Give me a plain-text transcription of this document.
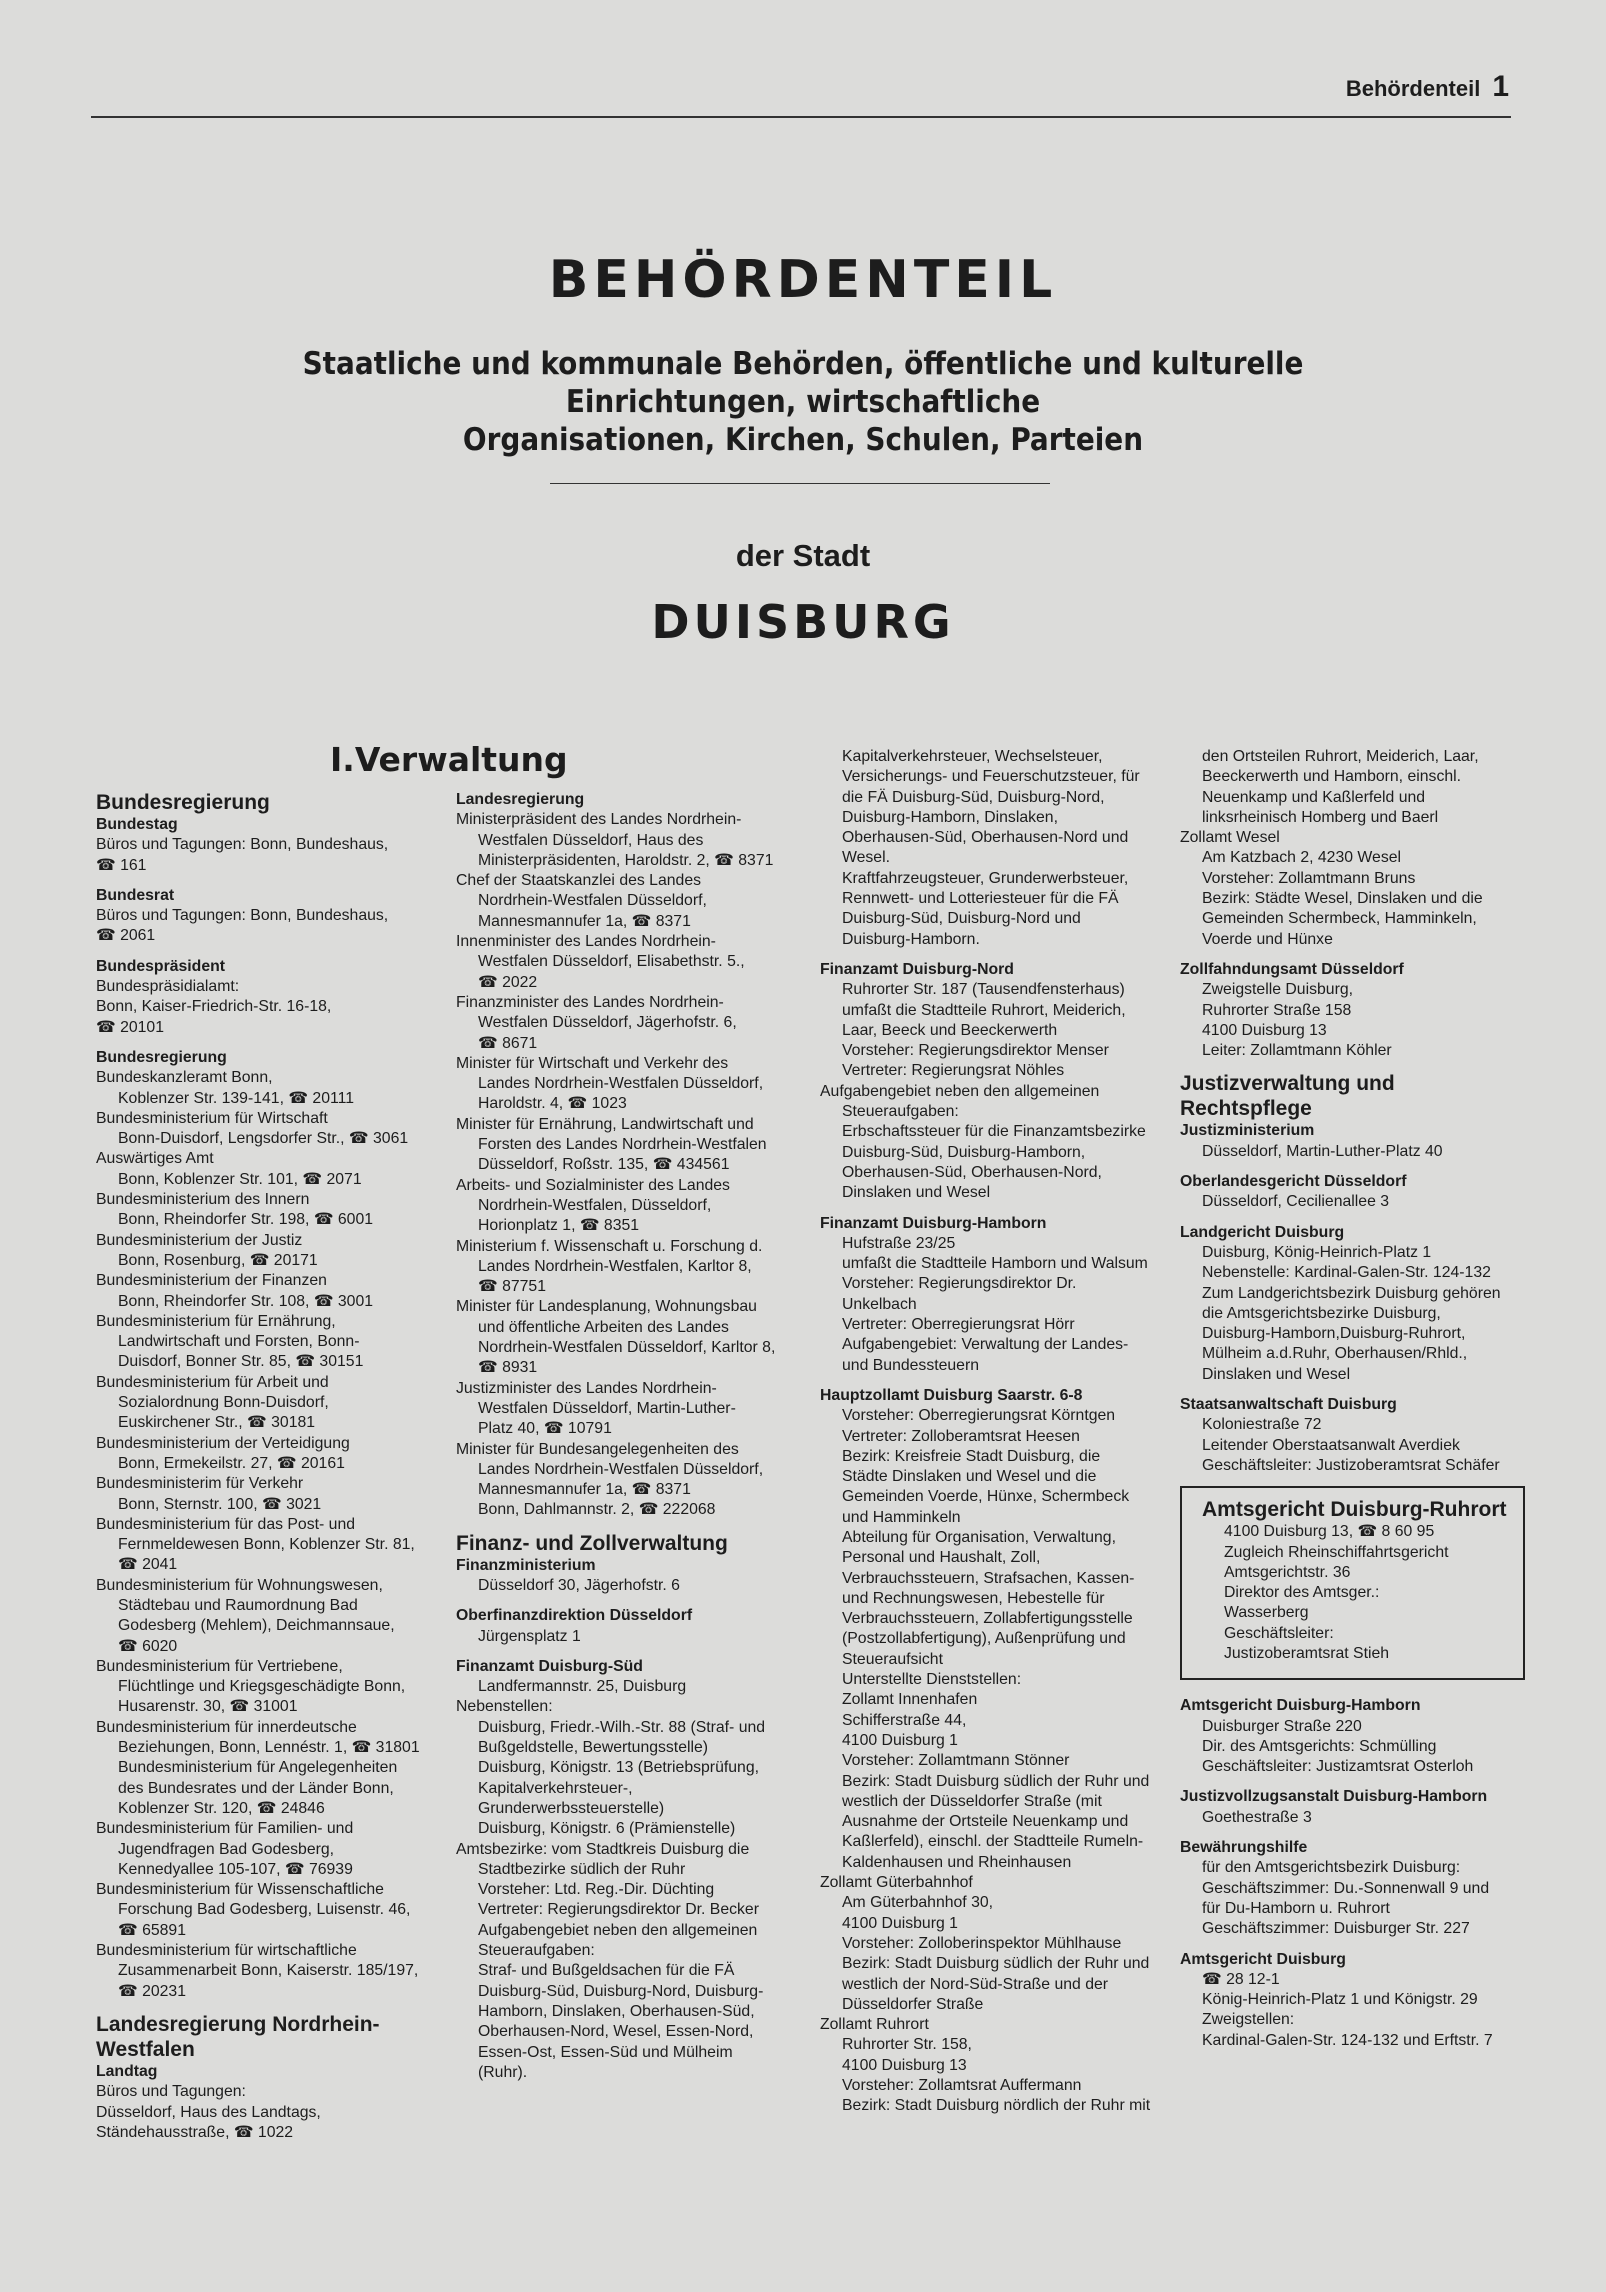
Behördenteil 1
BEHÖRDENTEIL
Staatliche und kommunale Behörden, öffentliche und kulturelle
Einrichtungen, wirtschaftliche
Organisationen, Kirchen, Schulen, Parteien
der Stadt
DUISBURG
I.Verwaltung
Bundesregierung
Bundestag
Büros und Tagungen: Bonn, Bundeshaus,
☎ 161
Bundesrat
Büros und Tagungen: Bonn, Bundeshaus,
☎ 2061
Bundespräsident
Bundespräsidialamt:
Bonn, Kaiser-Friedrich-Str. 16-18,
☎ 20101
Bundesregierung
Bundeskanzleramt Bonn,
Koblenzer Str. 139-141, ☎ 20111
Bundesministerium für Wirtschaft
Bonn-Duisdorf, Lengsdorfer Str., ☎ 3061
Auswärtiges Amt
Bonn, Koblenzer Str. 101, ☎ 2071
Bundesministerium des Innern
Bonn, Rheindorfer Str. 198, ☎ 6001
Bundesministerium der Justiz
Bonn, Rosenburg, ☎ 20171
Bundesministerium der Finanzen
Bonn, Rheindorfer Str. 108, ☎ 3001
Bundesministerium für Ernährung,
Landwirtschaft und Forsten, Bonn-
Duisdorf, Bonner Str. 85, ☎ 30151
Bundesministerium für Arbeit und
Sozialordnung Bonn-Duisdorf,
Euskirchener Str., ☎ 30181
Bundesministerium der Verteidigung
Bonn, Ermekeilstr. 27, ☎ 20161
Bundesministerim für Verkehr
Bonn, Sternstr. 100, ☎ 3021
Bundesministerium für das Post- und
Fernmeldewesen Bonn, Koblenzer Str. 81,
☎ 2041
Bundesministerium für Wohnungswesen,
Städtebau und Raumordnung Bad
Godesberg (Mehlem), Deichmannsaue,
☎ 6020
Bundesministerium für Vertriebene,
Flüchtlinge und Kriegsgeschädigte Bonn,
Husarenstr. 30, ☎ 31001
Bundesministerium für innerdeutsche
Beziehungen, Bonn, Lennéstr. 1, ☎ 31801
Bundesministerium für Angelegenheiten
des Bundesrates und der Länder Bonn,
Koblenzer Str. 120, ☎ 24846
Bundesministerium für Familien- und
Jugendfragen Bad Godesberg,
Kennedyallee 105-107, ☎ 76939
Bundesministerium für Wissenschaftliche
Forschung Bad Godesberg, Luisenstr. 46,
☎ 65891
Bundesministerium für wirtschaftliche
Zusammenarbeit Bonn, Kaiserstr. 185/197,
☎ 20231
Landesregierung Nordrhein-Westfalen
Landtag
Büros und Tagungen:
Düsseldorf, Haus des Landtags,
Ständehausstraße, ☎ 1022
Landesregierung
Ministerpräsident des Landes Nordrhein-
Westfalen Düsseldorf, Haus des
Ministerpräsidenten, Haroldstr. 2, ☎ 8371
Chef der Staatskanzlei des Landes
Nordrhein-Westfalen Düsseldorf,
Mannesmannufer 1a, ☎ 8371
Innenminister des Landes Nordrhein-
Westfalen Düsseldorf, Elisabethstr. 5.,
☎ 2022
Finanzminister des Landes Nordrhein-
Westfalen Düsseldorf, Jägerhofstr. 6,
☎ 8671
Minister für Wirtschaft und Verkehr des
Landes Nordrhein-Westfalen Düsseldorf,
Haroldstr. 4, ☎ 1023
Minister für Ernährung, Landwirtschaft und
Forsten des Landes Nordrhein-Westfalen
Düsseldorf, Roßstr. 135, ☎ 434561
Arbeits- und Sozialminister des Landes
Nordrhein-Westfalen, Düsseldorf,
Horionplatz 1, ☎ 8351
Ministerium f. Wissenschaft u. Forschung d.
Landes Nordrhein-Westfalen, Karltor 8,
☎ 87751
Minister für Landesplanung, Wohnungsbau
und öffentliche Arbeiten des Landes
Nordrhein-Westfalen Düsseldorf, Karltor 8,
☎ 8931
Justizminister des Landes Nordrhein-
Westfalen Düsseldorf, Martin-Luther-
Platz 40, ☎ 10791
Minister für Bundesangelegenheiten des
Landes Nordrhein-Westfalen Düsseldorf,
Mannesmannufer 1a, ☎ 8371
Bonn, Dahlmannstr. 2, ☎ 222068
Finanz- und Zollverwaltung
Finanzministerium
Düsseldorf 30, Jägerhofstr. 6
Oberfinanzdirektion Düsseldorf
Jürgensplatz 1
Finanzamt Duisburg-Süd
Landfermannstr. 25, Duisburg
Nebenstellen:
Duisburg, Friedr.-Wilh.-Str. 88 (Straf- und
Bußgeldstelle, Bewertungsstelle)
Duisburg, Königstr. 13 (Betriebsprüfung,
Kapitalverkehrsteuer-,
Grunderwerbssteuerstelle)
Duisburg, Königstr. 6 (Prämienstelle)
Amtsbezirke: vom Stadtkreis Duisburg die
Stadtbezirke südlich der Ruhr
Vorsteher: Ltd. Reg.-Dir. Düchting
Vertreter: Regierungsdirektor Dr. Becker
Aufgabengebiet neben den allgemeinen
Steueraufgaben:
Straf- und Bußgeldsachen für die FÄ
Duisburg-Süd, Duisburg-Nord, Duisburg-
Hamborn, Dinslaken, Oberhausen-Süd,
Oberhausen-Nord, Wesel, Essen-Nord,
Essen-Ost, Essen-Süd und Mülheim
(Ruhr).
Kapitalverkehrsteuer, Wechselsteuer,
Versicherungs- und Feuerschutzsteuer, für
die FÄ Duisburg-Süd, Duisburg-Nord,
Duisburg-Hamborn, Dinslaken,
Oberhausen-Süd, Oberhausen-Nord und
Wesel.
Kraftfahrzeugsteuer, Grunderwerbsteuer,
Rennwett- und Lotteriesteuer für die FÄ
Duisburg-Süd, Duisburg-Nord und
Duisburg-Hamborn.
Finanzamt Duisburg-Nord
Ruhrorter Str. 187 (Tausendfensterhaus)
umfaßt die Stadtteile Ruhrort, Meiderich,
Laar, Beeck und Beeckerwerth
Vorsteher: Regierungsdirektor Menser
Vertreter: Regierungsrat Nöhles
Aufgabengebiet neben den allgemeinen
Steueraufgaben:
Erbschaftssteuer für die Finanzamtsbezirke
Duisburg-Süd, Duisburg-Hamborn,
Oberhausen-Süd, Oberhausen-Nord,
Dinslaken und Wesel
Finanzamt Duisburg-Hamborn
Hufstraße 23/25
umfaßt die Stadtteile Hamborn und Walsum
Vorsteher: Regierungsdirektor Dr.
Unkelbach
Vertreter: Oberregierungsrat Hörr
Aufgabengebiet: Verwaltung der Landes-
und Bundessteuern
Hauptzollamt Duisburg Saarstr. 6-8
Vorsteher: Oberregierungsrat Körntgen
Vertreter: Zolloberamtsrat Heesen
Bezirk: Kreisfreie Stadt Duisburg, die
Städte Dinslaken und Wesel und die
Gemeinden Voerde, Hünxe, Schermbeck
und Hamminkeln
Abteilung für Organisation, Verwaltung,
Personal und Haushalt, Zoll,
Verbrauchssteuern, Strafsachen, Kassen-
und Rechnungswesen, Hebestelle für
Verbrauchssteuern, Zollabfertigungsstelle
(Postzollabfertigung), Außenprüfung und
Steueraufsicht
Unterstellte Dienststellen:
Zollamt Innenhafen
Schifferstraße 44,
4100 Duisburg 1
Vorsteher: Zollamtmann Stönner
Bezirk: Stadt Duisburg südlich der Ruhr und
westlich der Düsseldorfer Straße (mit
Ausnahme der Ortsteile Neuenkamp und
Kaßlerfeld), einschl. der Stadtteile Rumeln-
Kaldenhausen und Rheinhausen
Zollamt Güterbahnhof
Am Güterbahnhof 30,
4100 Duisburg 1
Vorsteher: Zolloberinspektor Mühlhause
Bezirk: Stadt Duisburg südlich der Ruhr und
westlich der Nord-Süd-Straße und der
Düsseldorfer Straße
Zollamt Ruhrort
Ruhrorter Str. 158,
4100 Duisburg 13
Vorsteher: Zollamtsrat Auffermann
Bezirk: Stadt Duisburg nördlich der Ruhr mit
den Ortsteilen Ruhrort, Meiderich, Laar,
Beeckerwerth und Hamborn, einschl.
Neuenkamp und Kaßlerfeld und
linksrheinisch Homberg und Baerl
Zollamt Wesel
Am Katzbach 2, 4230 Wesel
Vorsteher: Zollamtmann Bruns
Bezirk: Städte Wesel, Dinslaken und die
Gemeinden Schermbeck, Hamminkeln,
Voerde und Hünxe
Zollfahndungsamt Düsseldorf
Zweigstelle Duisburg,
Ruhrorter Straße 158
4100 Duisburg 13
Leiter: Zollamtmann Köhler
Justizverwaltung und Rechtspflege
Justizministerium
Düsseldorf, Martin-Luther-Platz 40
Oberlandesgericht Düsseldorf
Düsseldorf, Cecilienallee 3
Landgericht Duisburg
Duisburg, König-Heinrich-Platz 1
Nebenstelle: Kardinal-Galen-Str. 124-132
Zum Landgerichtsbezirk Duisburg gehören
die Amtsgerichtsbezirke Duisburg,
Duisburg-Hamborn,Duisburg-Ruhrort,
Mülheim a.d.Ruhr, Oberhausen/Rhld.,
Dinslaken und Wesel
Staatsanwaltschaft Duisburg
Koloniestraße 72
Leitender Oberstaatsanwalt Averdiek
Geschäftsleiter: Justizoberamtsrat Schäfer
Amtsgericht Duisburg-Ruhrort
4100 Duisburg 13, ☎ 8 60 95
Zugleich Rheinschiffahrtsgericht
Amtsgerichtstr. 36
Direktor des Amtsger.:
Wasserberg
Geschäftsleiter:
Justizoberamtsrat Stieh
Amtsgericht Duisburg-Hamborn
Duisburger Straße 220
Dir. des Amtsgerichts: Schmülling
Geschäftsleiter: Justizamtsrat Osterloh
Justizvollzugsanstalt Duisburg-Hamborn
Goethestraße 3
Bewährungshilfe
für den Amtsgerichtsbezirk Duisburg:
Geschäftszimmer: Du.-Sonnenwall 9 und
für Du-Hamborn u. Ruhrort
Geschäftszimmer: Duisburger Str. 227
Amtsgericht Duisburg
☎ 28 12-1
König-Heinrich-Platz 1 und Königstr. 29
Zweigstellen:
Kardinal-Galen-Str. 124-132 und Erftstr. 7
